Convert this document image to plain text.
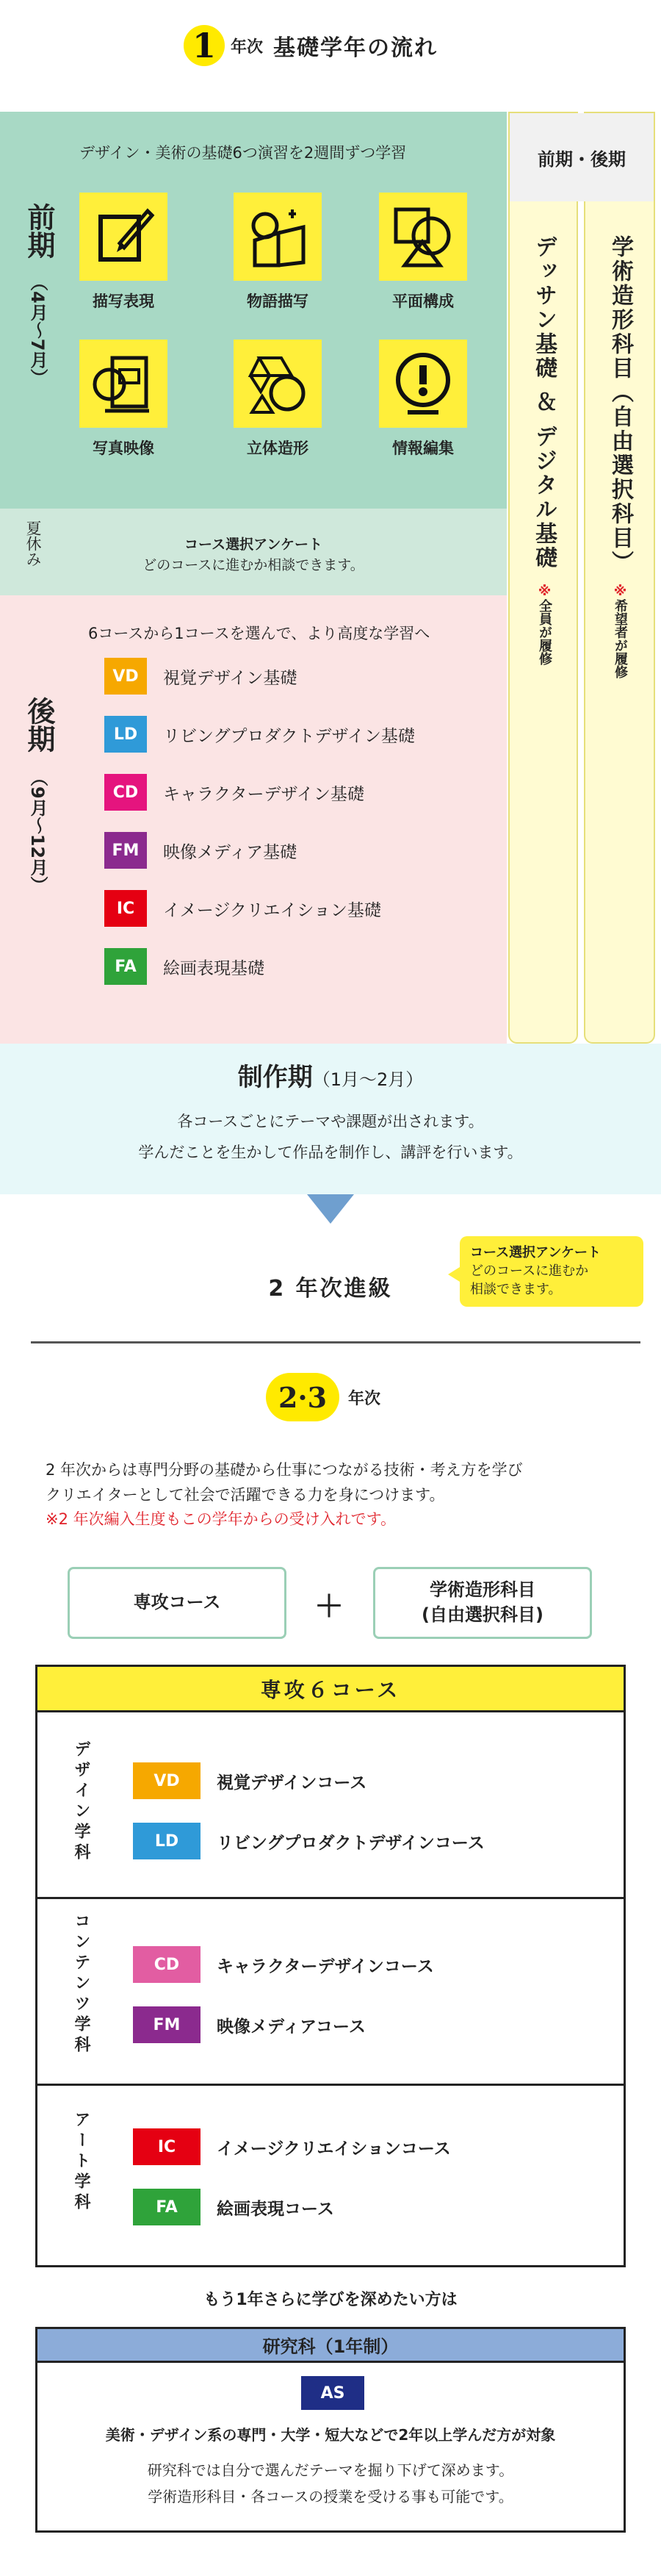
1 年次 基礎学年の流れ
前期
（4月〜7月）
デザイン・美術の基礎6つ演習を2週間ずつ学習
描写表現	物語描写	平面構成
写真映像	立体造形	情報編集
夏休み	コース選択アンケート
どのコースに進むか相談できます。
後期
（9月〜12月）
6コースから1コースを選んで、より高度な学習へ
VD	視覚デザイン基礎
LD	リビングプロダクトデザイン基礎
CD	キャラクターデザイン基礎
FM	映像メディア基礎
IC	イメージクリエイション基礎
FA	絵画表現基礎
デッサン基礎 ＆ デジタル基礎
※全員が履修
学術造形科目（自由選択科目）
※希望者が履修
前期・後期
制作期（1月〜2月）
各コースごとにテーマや課題が出されます。
学んだことを生かして作品を制作し、講評を行います。
2 年次進級
コース選択アンケート
どのコースに進むか
相談できます。
2·3 年次
2 年次からは専門分野の基礎から仕事につながる技術・考え方を学び
クリエイターとして社会で活躍できる力を身につけます。
※2 年次編入生度もこの学年からの受け入れです。
専攻コース	＋	学術造形科目
(自由選択科目)
専攻６コース
デザイン学科	VD	視覚デザインコース
LD	リビングプロダクトデザインコース
コンテンツ学科	CD	キャラクターデザインコース
FM	映像メディアコース
アート学科	IC	イメージクリエイションコース
FA	絵画表現コース
もう1年さらに学びを深めたい方は
研究科（1年制）
AS
美術・デザイン系の専門・大学・短大などで2年以上学んだ方が対象
研究科では自分で選んだテーマを掘り下げて深めます。
学術造形科目・各コースの授業を受ける事も可能です。
